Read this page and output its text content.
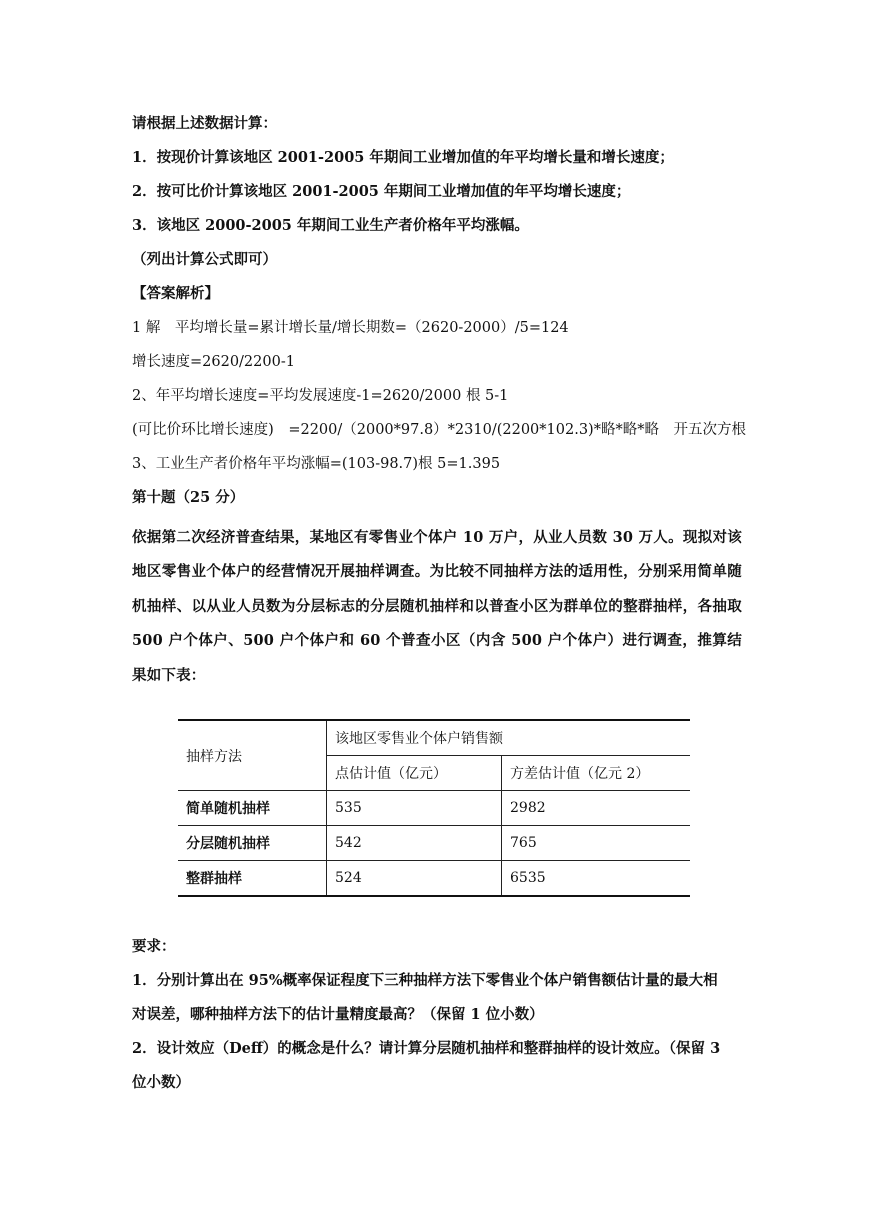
请根据上述数据计算：

1．按现价计算该地区 2001-2005 年期间工业增加值的年平均增长量和增长速度；

2．按可比价计算该地区 2001-2005 年期间工业增加值的年平均增长速度；

3．该地区 2000-2005 年期间工业生产者价格年平均涨幅。

（列出计算公式即可）

【答案解析】

1 解　平均增长量=累计增长量/增长期数=（2620-2000）/5=124

增长速度=2620/2200-1

2、年平均增长速度=平均发展速度-1=2620/2000 根 5-1

(可比价环比增长速度)　=2200/（2000*97.8）*2310/(2200*102.3)*略*略*略　开五次方根

3、工业生产者价格年平均涨幅=(103-98.7)根 5=1.395

第十题（25 分）

依据第二次经济普查结果，某地区有零售业个体户 10 万户，从业人员数 30 万人。现拟对该地区零售业个体户的经营情况开展抽样调查。为比较不同抽样方法的适用性，分别采用简单随机抽样、以从业人员数为分层标志的分层随机抽样和以普查小区为群单位的整群抽样，各抽取 500 户个体户、500 户个体户和 60 个普查小区（内含 500 户个体户）进行调查，推算结果如下表：

抽样方法	该地区零售业个体户销售额	
	点估计值（亿元）	方差估计值（亿元 2）
简单随机抽样	535	2982
分层随机抽样	542	765
整群抽样	524	6535

要求：

1．分别计算出在 95%概率保证程度下三种抽样方法下零售业个体户销售额估计量的最大相

对误差，哪种抽样方法下的估计量精度最高？（保留 1 位小数）

2．设计效应（Deff）的概念是什么？请计算分层随机抽样和整群抽样的设计效应。（保留 3

位小数）
